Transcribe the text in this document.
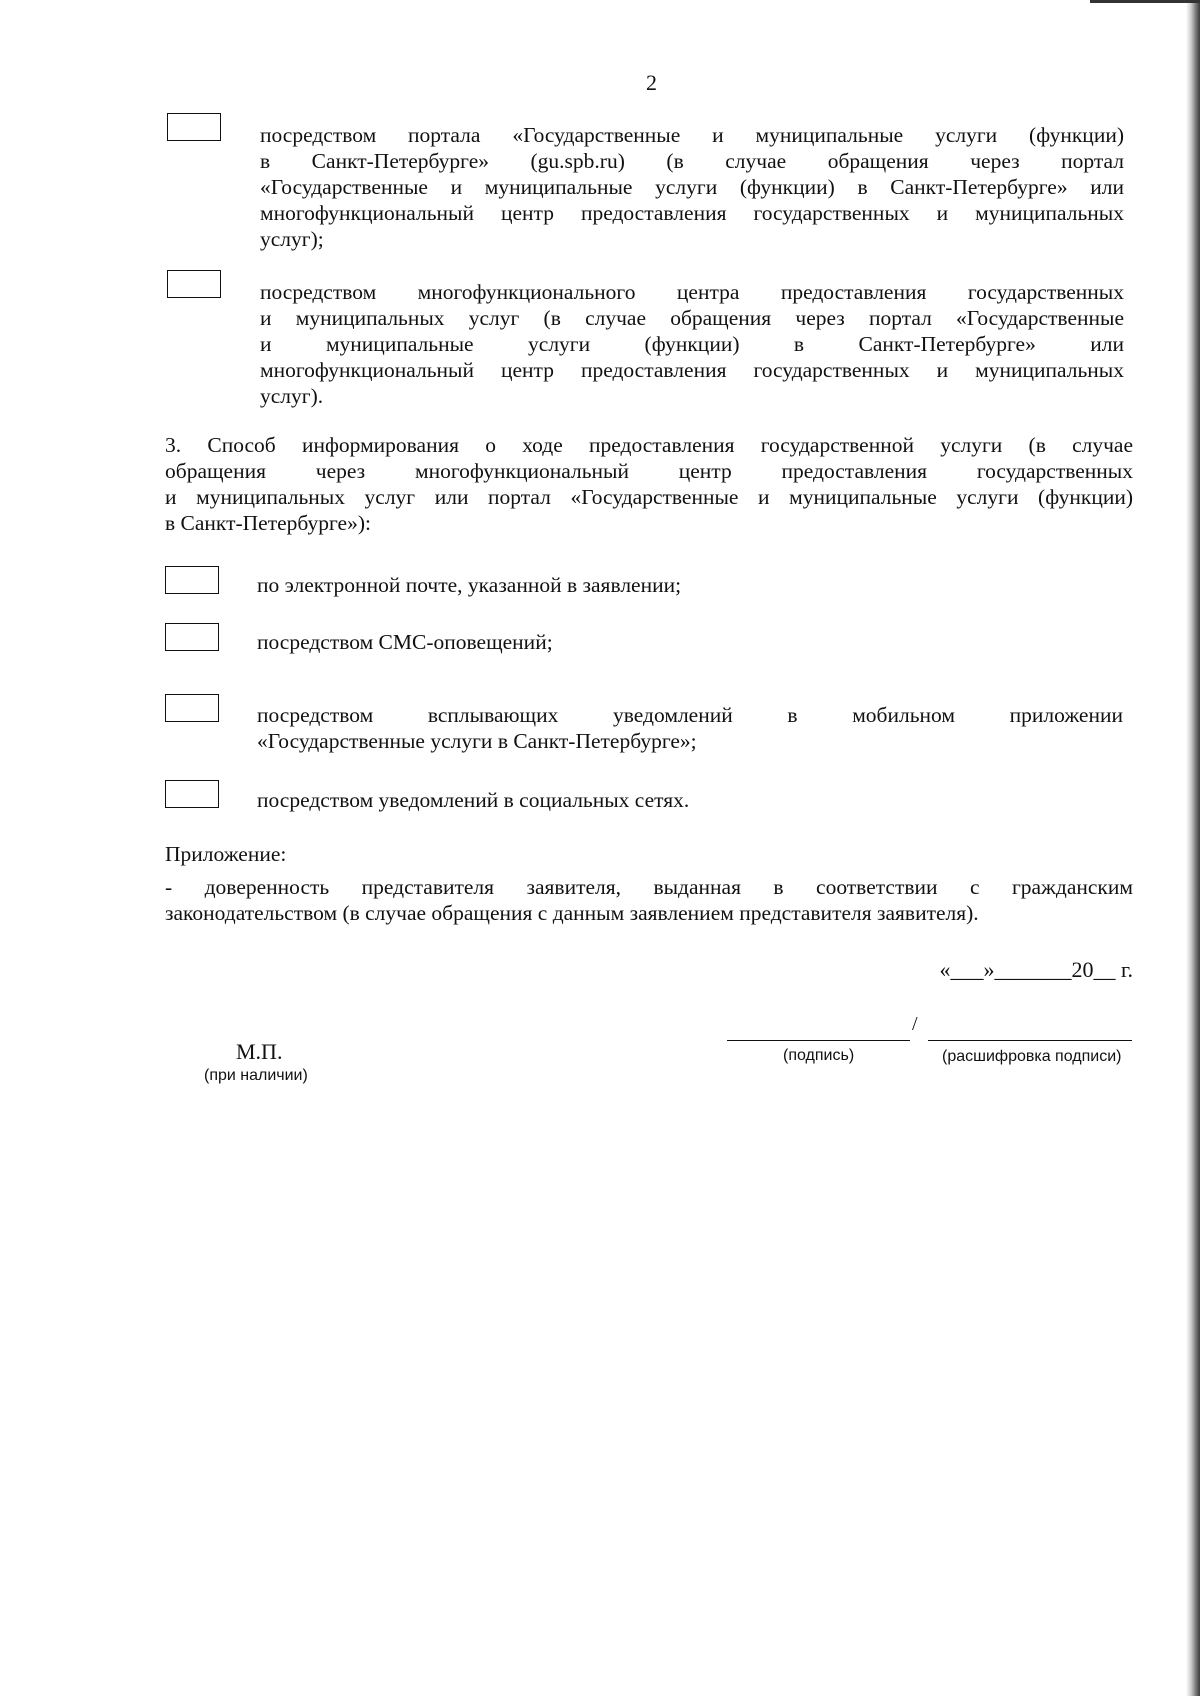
2
посредством портала «Государственные и муниципальные услуги (функции)
в Санкт-Петербурге» (gu.spb.ru) (в случае обращения через портал
«Государственные и муниципальные услуги (функции) в Санкт-Петербурге» или
многофункциональный центр предоставления государственных и муниципальных
услуг);
посредством многофункционального центра предоставления государственных
и муниципальных услуг (в случае обращения через портал «Государственные
и муниципальные услуги (функции) в Санкт-Петербурге» или
многофункциональный центр предоставления государственных и муниципальных
услуг).
3. Способ информирования о ходе предоставления государственной услуги (в случае
обращения через многофункциональный центр предоставления государственных
и муниципальных услуг или портал «Государственные и муниципальные услуги (функции)
в Санкт-Петербурге»):
по электронной почте, указанной в заявлении;
посредством СМС-оповещений;
посредством всплывающих уведомлений в мобильном приложении
«Государственные услуги в Санкт-Петербурге»;
посредством уведомлений в социальных сетях.
Приложение:
- доверенность представителя заявителя, выданная в соответствии с гражданским
законодательством (в случае обращения с данным заявлением представителя заявителя).
«___»_______20__ г.
/
(подпись)	(расшифровка подписи)
М.П.
(при наличии)
